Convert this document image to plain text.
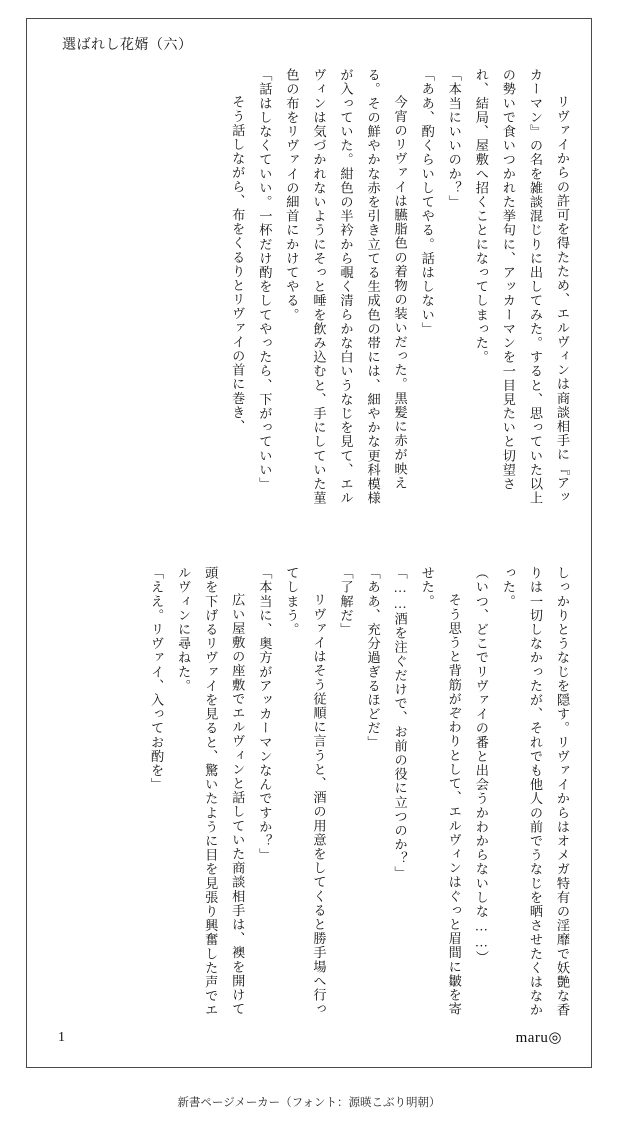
選ばれし花婿（六）

　リヴァイからの許可を得たため、エルヴィンは商談相手に『アッカーマン』の名を雑談混じりに出してみた。すると、思っていた以上の勢いで食いつかれた挙句に、アッカーマンを一目見たいと切望され、結局、屋敷へ招くことになってしまった。

「本当にいいのか？」

「ああ、酌くらいしてやる。話はしない」

　今宵のリヴァイは臙脂色の着物の装いだった。黒髪に赤が映える。その鮮やかな赤を引き立てる生成色の帯には、細やかな更科模様が入っていた。紺色の半衿から覗く清らかな白いうなじを見て、エルヴィンは気づかれないようにそっと唾を飲み込むと、手にしていた菫色の布をリヴァイの細首にかけてやる。

「話はしなくていい。一杯だけ酌をしてやったら、下がっていい」

　そう話しながら、布をくるりとリヴァイの首に巻き、

しっかりとうなじを隠す。リヴァイからはオメガ特有の淫靡で妖艶な香りは一切しなかったが、それでも他人の前でうなじを晒させたくはなかった。

（いつ、どこでリヴァイの番と出会うかわからないしな……）

　そう思うと背筋がぞわりとして、エルヴィンはぐっと眉間に皺を寄せた。

「……酒を注ぐだけで、お前の役に立つのか？」

「ああ、充分過ぎるほどだ」

「了解だ」

　リヴァイはそう従順に言うと、酒の用意をしてくると勝手場へ行ってしまう。

「本当に、奥方がアッカーマンなんですか？」

　広い屋敷の座敷でエルヴィンと話していた商談相手は、襖を開けて頭を下げるリヴァイを見ると、驚いたように目を見張り興奮した声でエルヴィンに尋ねた。

「ええ。リヴァイ、入ってお酌を」

1	maru◎
新書ページメーカー（フォント：源暎こぶり明朝）
